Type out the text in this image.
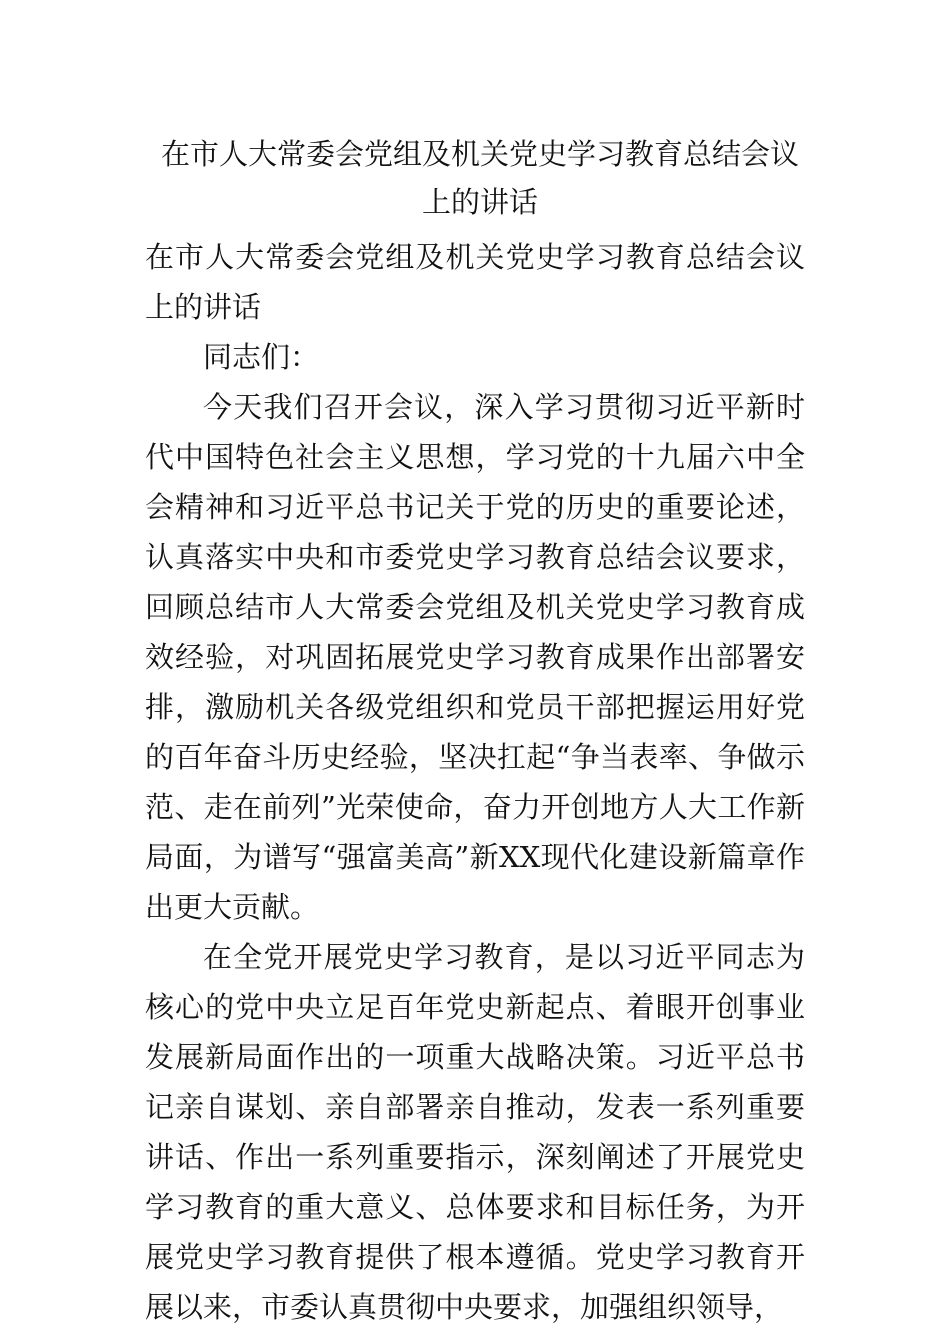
在市人大常委会党组及机关党史学习教育总结会议上的讲话

在市人大常委会党组及机关党史学习教育总结会议上的讲话

同志们：

今天我们召开会议，深入学习贯彻习近平新时代中国特色社会主义思想，学习党的十九届六中全会精神和习近平总书记关于党的历史的重要论述，认真落实中央和市委党史学习教育总结会议要求，回顾总结市人大常委会党组及机关党史学习教育成效经验，对巩固拓展党史学习教育成果作出部署安排，激励机关各级党组织和党员干部把握运用好党的百年奋斗历史经验，坚决扛起“争当表率、争做示范、走在前列”光荣使命，奋力开创地方人大工作新局面，为谱写“强富美高”新XX现代化建设新篇章作出更大贡献。

在全党开展党史学习教育，是以习近平同志为核心的党中央立足百年党史新起点、着眼开创事业发展新局面作出的一项重大战略决策。习近平总书记亲自谋划、亲自部署亲自推动，发表一系列重要讲话、作出一系列重要指示，深刻阐述了开展党史学习教育的重大意义、总体要求和目标任务，为开展党史学习教育提供了根本遵循。党史学习教育开展以来，市委认真贯彻中央要求，加强组织领导，
